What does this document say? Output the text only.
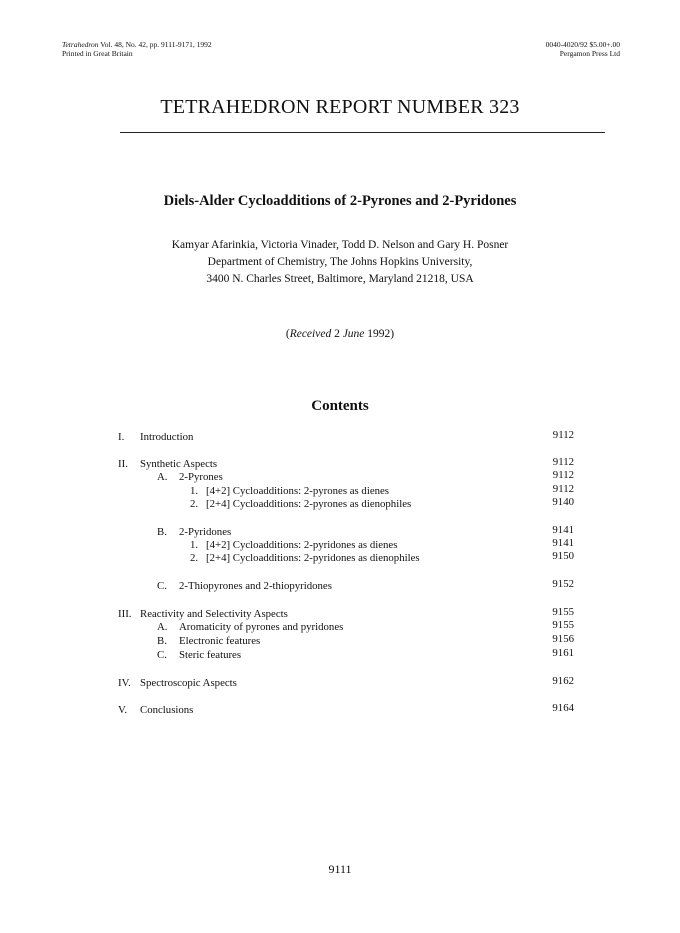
Tetrahedron Vol. 48, No. 42, pp. 9111-9171, 1992
Printed in Great Britain
0040-4020/92 $5.00+.00
Pergamon Press Ltd
TETRAHEDRON REPORT NUMBER 323
Diels-Alder Cycloadditions of 2-Pyrones and 2-Pyridones
Kamyar Afarinkia, Victoria Vinader, Todd D. Nelson and Gary H. Posner
Department of Chemistry, The Johns Hopkins University,
3400 N. Charles Street, Baltimore, Maryland 21218, USA
(Received 2 June 1992)
Contents
I. Introduction	9112
II. Synthetic Aspects	9112
A. 2-Pyrones	9112
1. [4+2] Cycloadditions: 2-pyrones as dienes	9112
2. [2+4] Cycloadditions: 2-pyrones as dienophiles	9140
B. 2-Pyridones	9141
1. [4+2] Cycloadditions: 2-pyridones as dienes	9141
2. [2+4] Cycloadditions: 2-pyridones as dienophiles	9150
C. 2-Thiopyrones and 2-thiopyridones	9152
III. Reactivity and Selectivity Aspects	9155
A. Aromaticity of pyrones and pyridones	9155
B. Electronic features	9156
C. Steric features	9161
IV. Spectroscopic Aspects	9162
V. Conclusions	9164
9111
